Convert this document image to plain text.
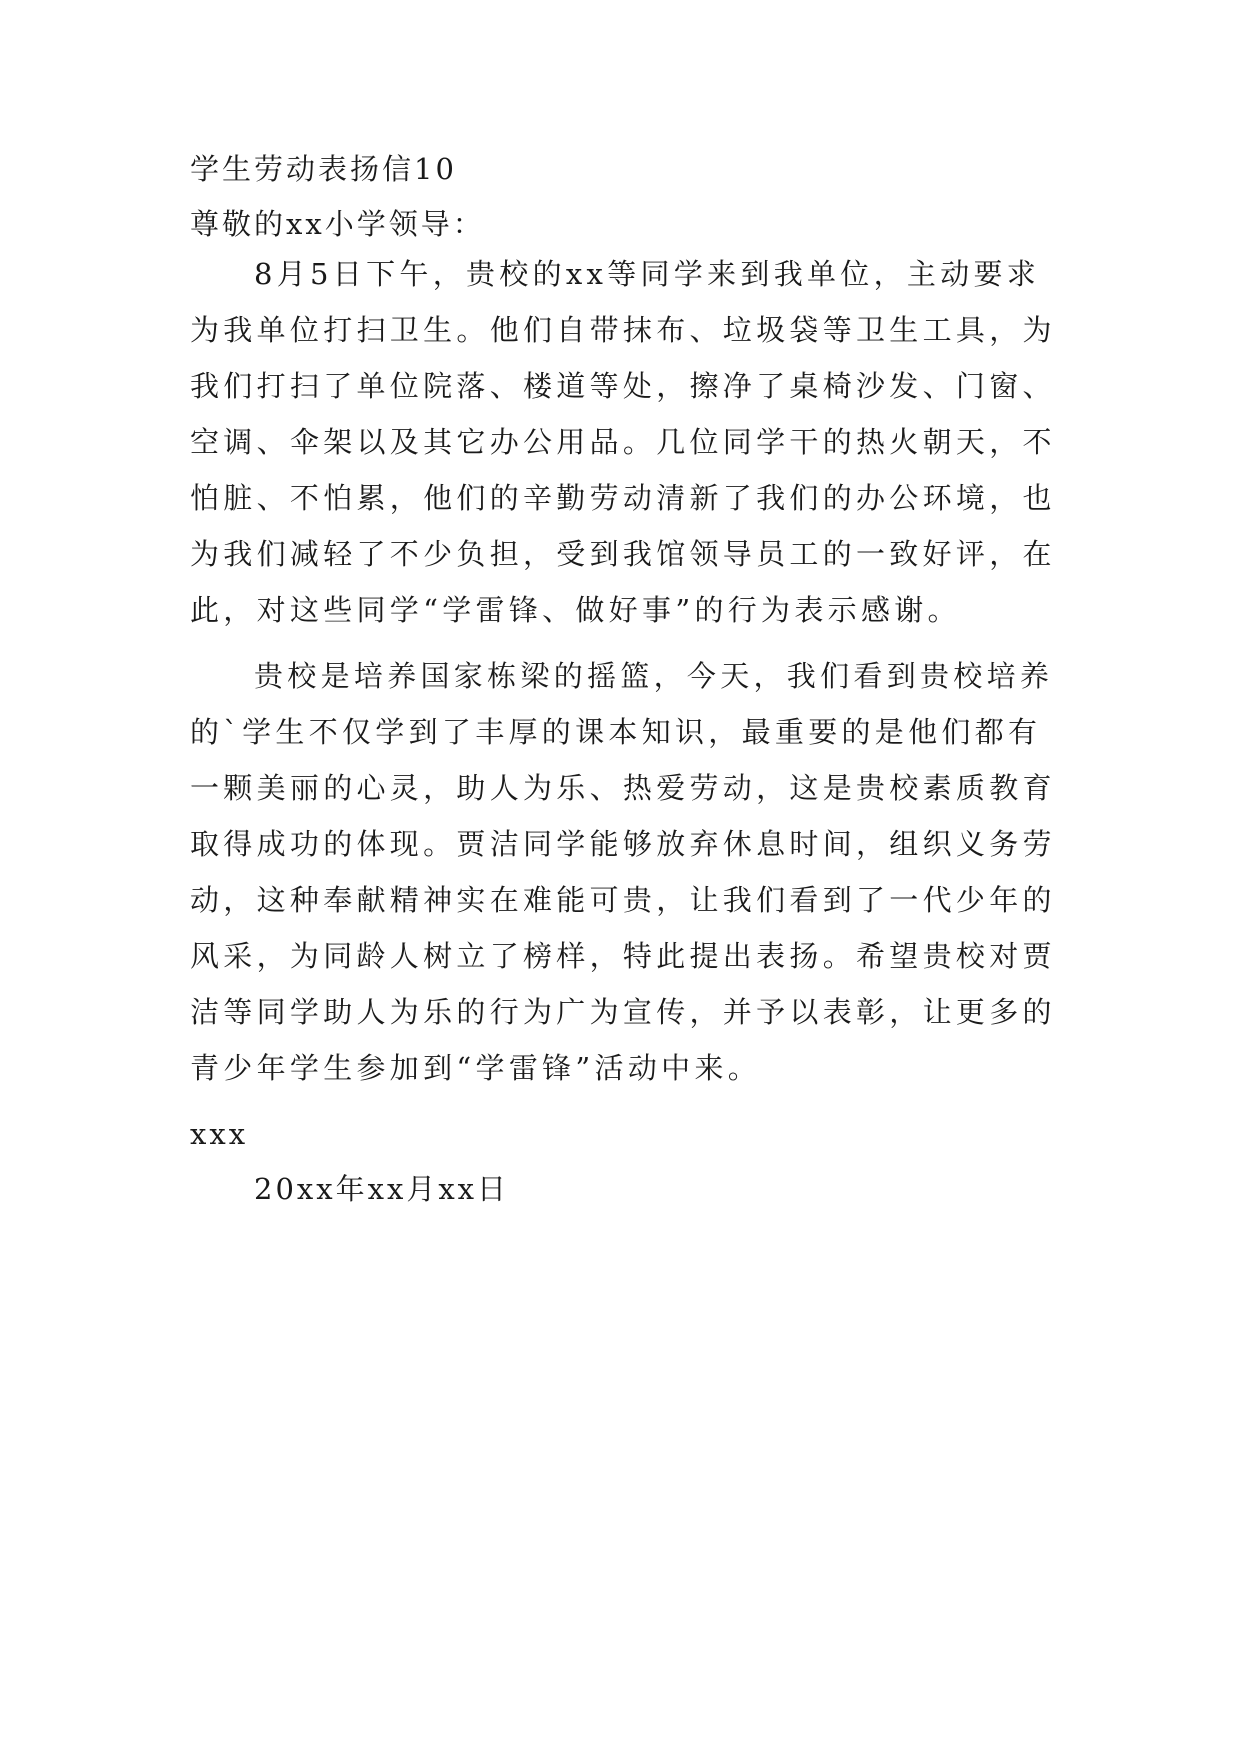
学生劳动表扬信10
尊敬的xx小学领导：
8月5日下午，贵校的xx等同学来到我单位，主动要求
为我单位打扫卫生。他们自带抹布、垃圾袋等卫生工具，为
我们打扫了单位院落、楼道等处，擦净了桌椅沙发、门窗、
空调、伞架以及其它办公用品。几位同学干的热火朝天，不
怕脏、不怕累，他们的辛勤劳动清新了我们的办公环境，也
为我们减轻了不少负担，受到我馆领导员工的一致好评，在
此，对这些同学“学雷锋、做好事”的行为表示感谢。
贵校是培养国家栋梁的摇篮，今天，我们看到贵校培养
的`学生不仅学到了丰厚的课本知识，最重要的是他们都有
一颗美丽的心灵，助人为乐、热爱劳动，这是贵校素质教育
取得成功的体现。贾洁同学能够放弃休息时间，组织义务劳
动，这种奉献精神实在难能可贵，让我们看到了一代少年的
风采，为同龄人树立了榜样，特此提出表扬。希望贵校对贾
洁等同学助人为乐的行为广为宣传，并予以表彰，让更多的
青少年学生参加到“学雷锋”活动中来。
xxx
20xx年xx月xx日
